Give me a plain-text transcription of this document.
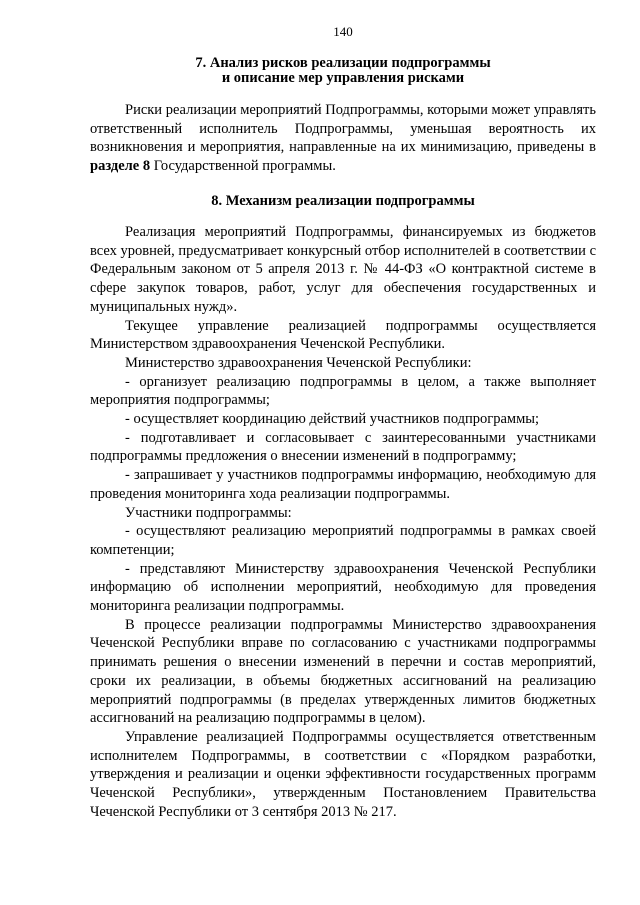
140

7. Анализ рисков реализации подпрограммы

и описание мер управления рисками

Риски реализации мероприятий Подпрограммы, которыми может управлять ответственный исполнитель Подпрограммы, уменьшая вероятность их возникновения и мероприятия, направленные на их минимизацию, приведены в разделе 8 Государственной программы.

8. Механизм реализации подпрограммы

Реализация мероприятий Подпрограммы, финансируемых из бюджетов всех уровней, предусматривает конкурсный отбор исполнителей в соответствии с Федеральным законом от 5 апреля 2013 г. № 44-ФЗ «О контрактной системе в сфере закупок товаров, работ, услуг для обеспечения государственных и муниципальных нужд».

Текущее управление реализацией подпрограммы осуществляется Министерством здравоохранения Чеченской Республики.

Министерство здравоохранения Чеченской Республики:

- организует реализацию подпрограммы в целом, а также выполняет мероприятия подпрограммы;

- осуществляет координацию действий участников подпрограммы;

- подготавливает и согласовывает с заинтересованными участниками подпрограммы предложения о внесении изменений в подпрограмму;

- запрашивает у участников подпрограммы информацию, необходимую для проведения мониторинга хода реализации подпрограммы.

Участники подпрограммы:

- осуществляют реализацию мероприятий подпрограммы в рамках своей компетенции;

- представляют Министерству здравоохранения Чеченской Республики информацию об исполнении мероприятий, необходимую для проведения мониторинга реализации подпрограммы.

В процессе реализации подпрограммы Министерство здравоохранения Чеченской Республики вправе по согласованию с участниками подпрограммы принимать решения о внесении изменений в перечни и состав мероприятий, сроки их реализации, в объемы бюджетных ассигнований на реализацию мероприятий подпрограммы (в пределах утвержденных лимитов бюджетных ассигнований на реализацию подпрограммы в целом).

Управление реализацией Подпрограммы осуществляется ответственным исполнителем Подпрограммы, в соответствии с «Порядком разработки, утверждения и реализации и оценки эффективности государственных программ Чеченской Республики», утвержденным Постановлением Правительства Чеченской Республики от 3 сентября 2013 № 217.
